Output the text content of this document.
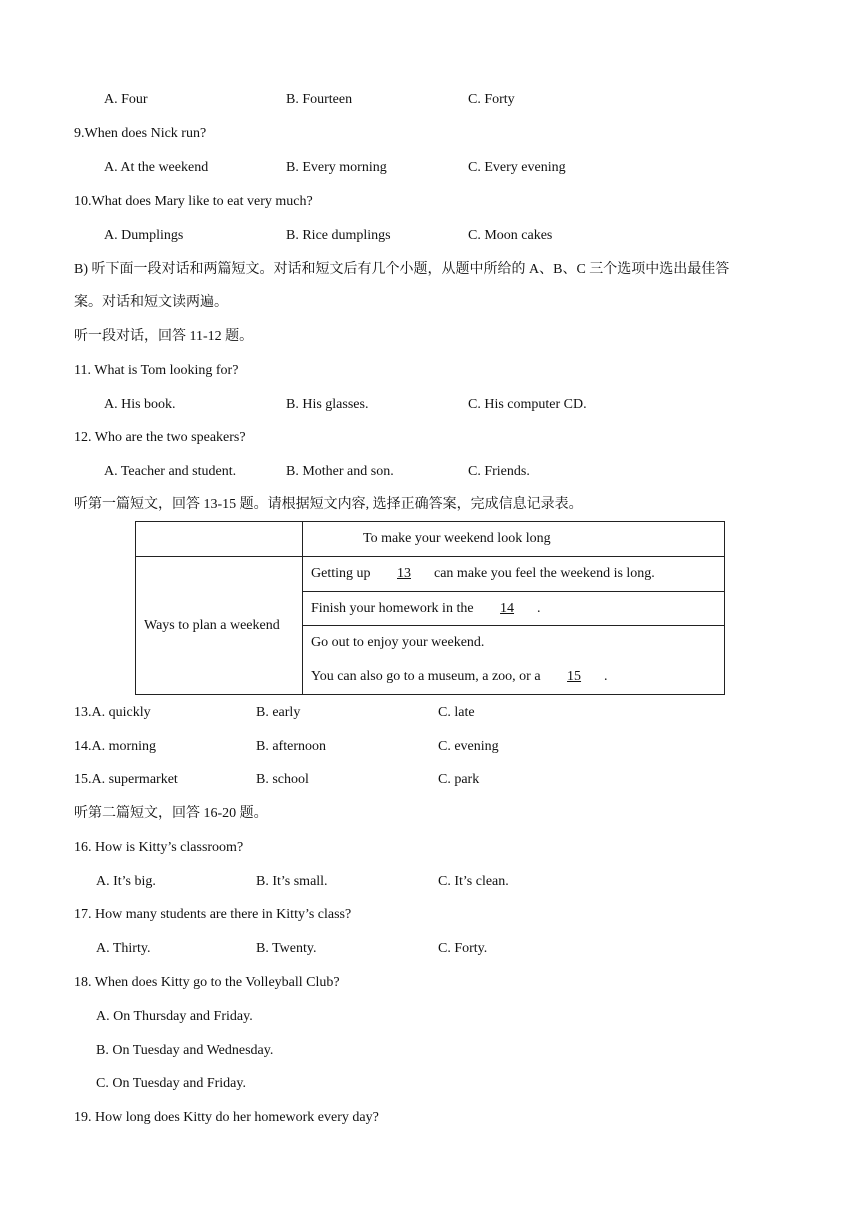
A. Four	B. Fourteen	C. Forty
9.When does Nick run?
A. At the weekend	B. Every morning	C. Every evening
10.What does Mary like to eat very much?
A. Dumplings	B. Rice dumplings	C. Moon cakes
B) 听下面一段对话和两篇短文。对话和短文后有几个小题，从题中所给的 A、B、C 三个选项中选出最佳答
案。对话和短文读两遍。
听一段对话，回答 11-12 题。
11. What is Tom looking for?
A. His book.	B. His glasses.	C. His computer CD.
12. Who are the two speakers?
A. Teacher and student.	B. Mother and son.	C. Friends.
听第一篇短文，回答 13-15 题。请根据短文内容, 选择正确答案，完成信息记录表。
	To make your weekend look long
Ways to plan a weekend	Getting up 13 can make you feel the weekend is long.
	Finish your homework in the 14 .

	Go out to enjoy your weekend.
You can also go to a museum, a zoo, or a 15 .
13.A. quickly	B. early	C. late
14.A. morning	B. afternoon	C. evening
15.A. supermarket	B. school	C. park
听第二篇短文，回答 16-20 题。
16. How is Kitty’s classroom?
A. It’s big.	B. It’s small.	C. It’s clean.
17. How many students are there in Kitty’s class?
A. Thirty.	B. Twenty.	C. Forty.
18. When does Kitty go to the Volleyball Club?
A. On Thursday and Friday.
B. On Tuesday and Wednesday.
C. On Tuesday and Friday.
19. How long does Kitty do her homework every day?
